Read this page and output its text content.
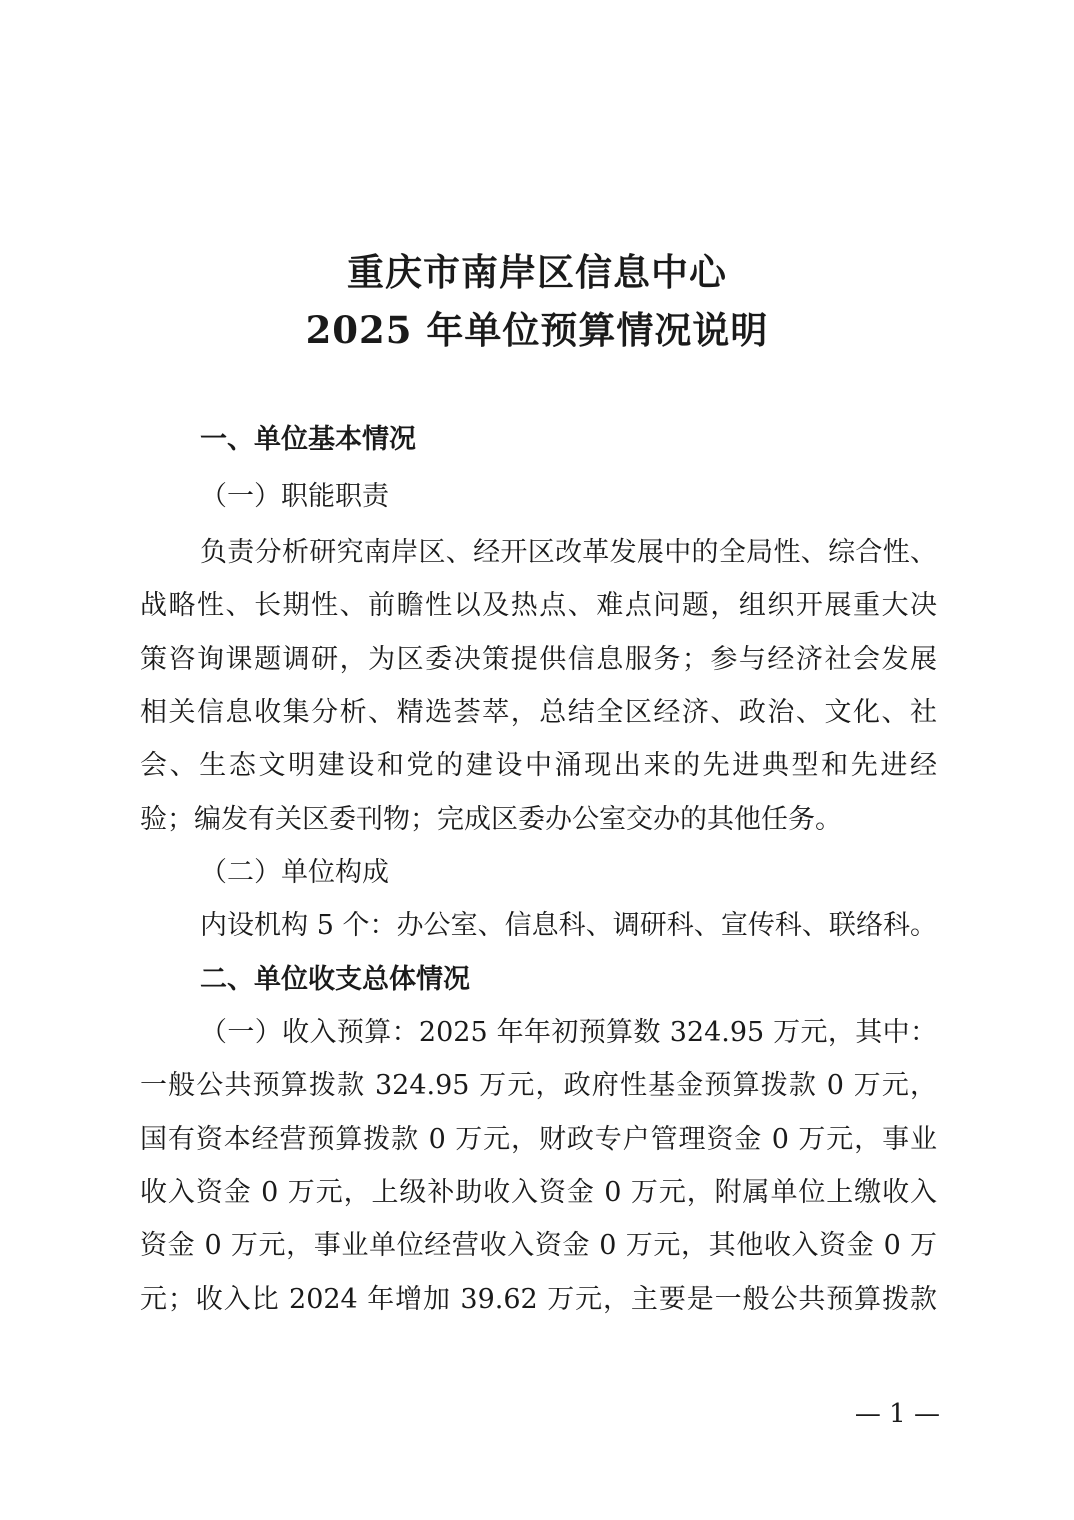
重庆市南岸区信息中心
2025 年单位预算情况说明
一、单位基本情况
（一）职能职责
负责分析研究南岸区、经开区改革发展中的全局性、综合性、
战略性、长期性、前瞻性以及热点、难点问题，组织开展重大决
策咨询课题调研，为区委决策提供信息服务；参与经济社会发展
相关信息收集分析、精选荟萃，总结全区经济、政治、文化、社
会、生态文明建设和党的建设中涌现出来的先进典型和先进经
验；编发有关区委刊物；完成区委办公室交办的其他任务。
（二）单位构成
内设机构 5 个：办公室、信息科、调研科、宣传科、联络科。
二、单位收支总体情况
（一）收入预算：2025 年年初预算数 324.95 万元，其中：
一般公共预算拨款 324.95 万元，政府性基金预算拨款 0 万元，
国有资本经营预算拨款 0 万元，财政专户管理资金 0 万元，事业
收入资金 0 万元，上级补助收入资金 0 万元，附属单位上缴收入
资金 0 万元，事业单位经营收入资金 0 万元，其他收入资金 0 万
元；收入比 2024 年增加 39.62 万元，主要是一般公共预算拨款
— 1 —
